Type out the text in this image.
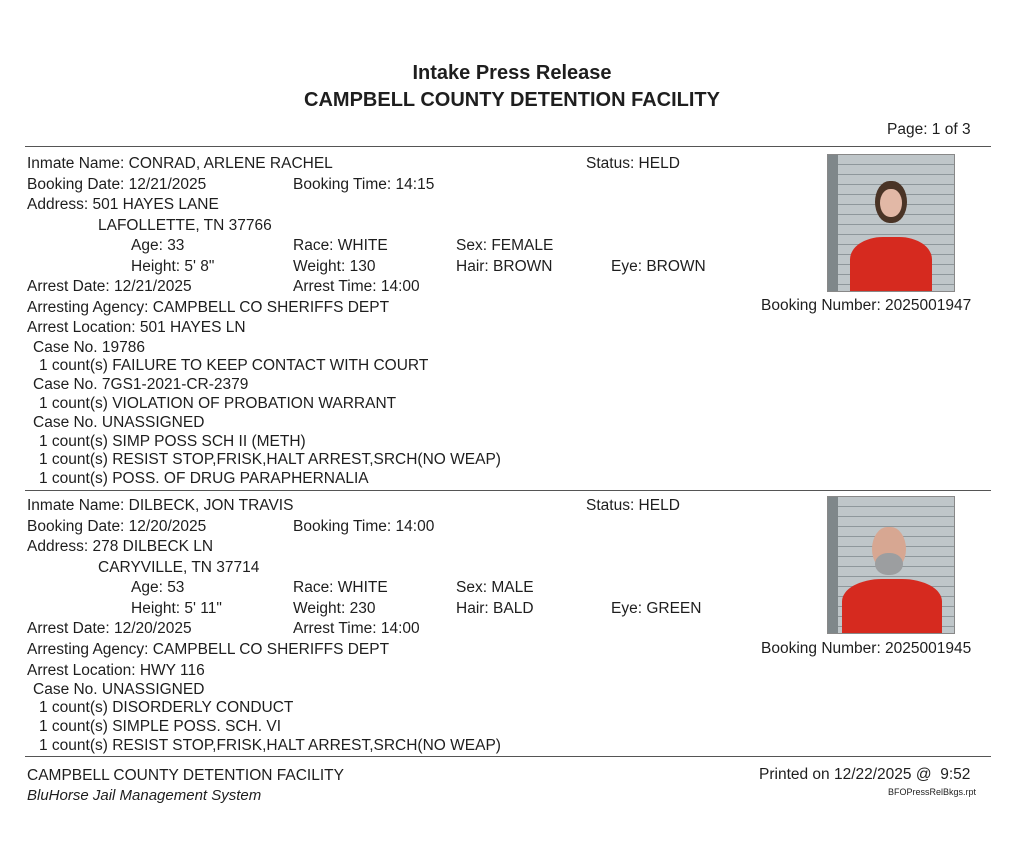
Intake Press Release
CAMPBELL COUNTY DETENTION FACILITY
Page: 1 of 3
Inmate Name: CONRAD, ARLENE RACHEL	Status: HELD
Booking Date: 12/21/2025	Booking Time: 14:15
Address: 501 HAYES LANE
LAFOLLETTE, TN 37766
Age: 33	Race: WHITE	Sex: FEMALE
Height: 5' 8"	Weight: 130	Hair: BROWN	Eye: BROWN
Arrest Date: 12/21/2025	Arrest Time: 14:00
Arresting Agency: CAMPBELL CO SHERIFFS DEPT	Booking Number: 2025001947
Arrest Location: 501 HAYES LN
Case No. 19786
1 count(s) FAILURE TO KEEP CONTACT WITH COURT
Case No. 7GS1-2021-CR-2379
1 count(s) VIOLATION OF PROBATION WARRANT
Case No. UNASSIGNED
1 count(s) SIMP POSS SCH II (METH)
1 count(s) RESIST STOP,FRISK,HALT ARREST,SRCH(NO WEAP)
1 count(s) POSS. OF DRUG PARAPHERNALIA
Inmate Name: DILBECK, JON TRAVIS	Status: HELD
Booking Date: 12/20/2025	Booking Time: 14:00
Address: 278 DILBECK LN
CARYVILLE, TN 37714
Age: 53	Race: WHITE	Sex: MALE
Height: 5' 11"	Weight: 230	Hair: BALD	Eye: GREEN
Arrest Date: 12/20/2025	Arrest Time: 14:00
Arresting Agency: CAMPBELL CO SHERIFFS DEPT	Booking Number: 2025001945
Arrest Location: HWY 116
Case No. UNASSIGNED
1 count(s) DISORDERLY CONDUCT
1 count(s) SIMPLE POSS. SCH. VI
1 count(s) RESIST STOP,FRISK,HALT ARREST,SRCH(NO WEAP)
CAMPBELL COUNTY DETENTION FACILITY
BluHorse Jail Management System
Printed on 12/22/2025 @  9:52
BFOPressRelBkgs.rpt
